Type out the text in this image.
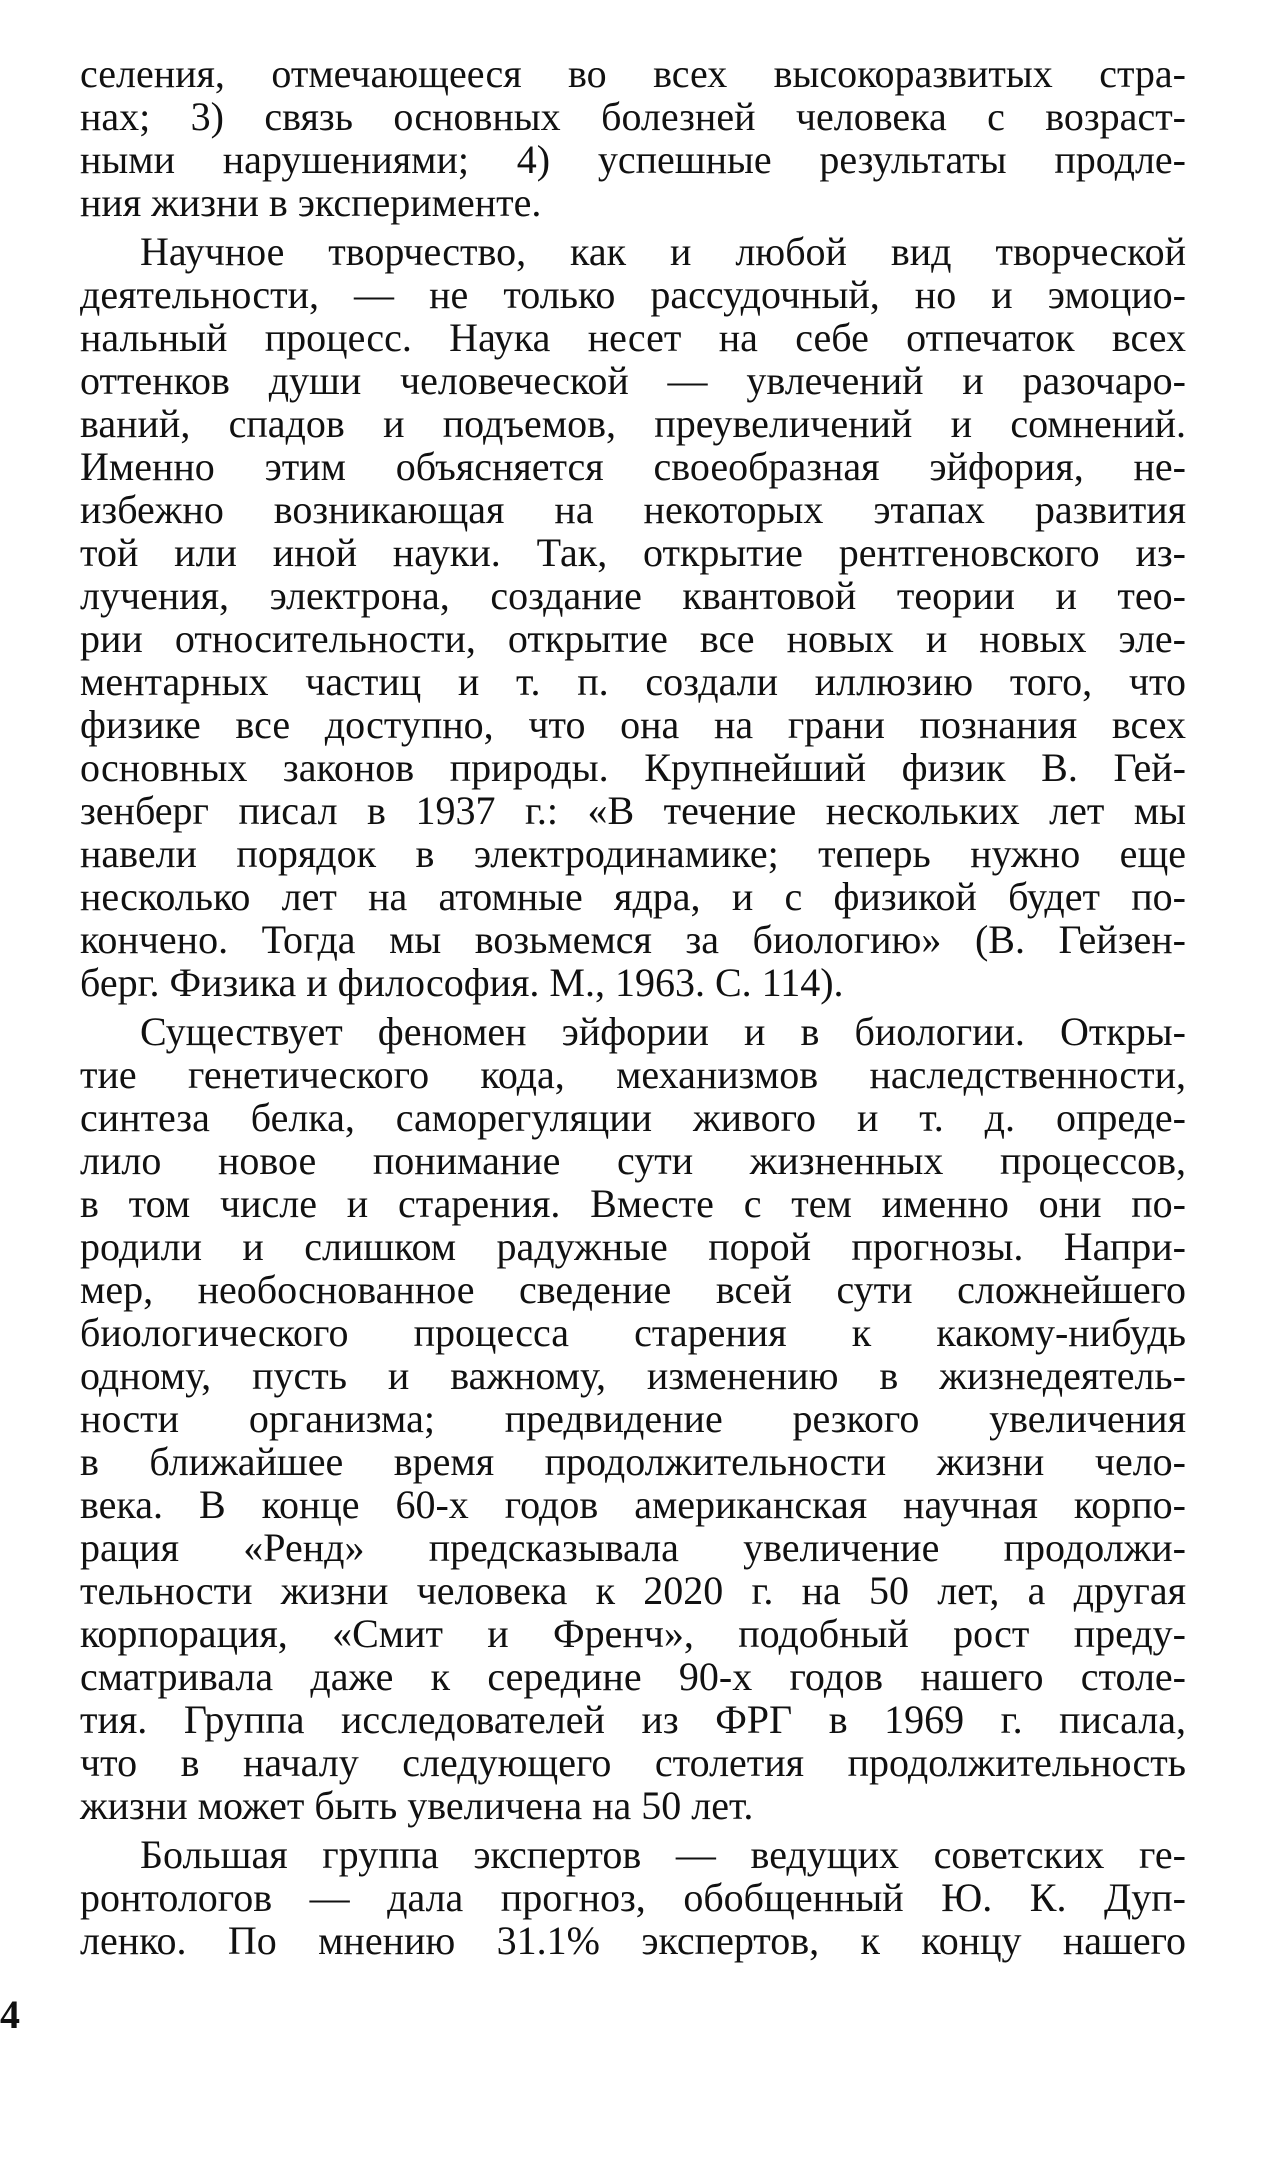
селения, отмечающееся во всех высокоразвитых стра-
нах; 3) связь основных болезней человека с возраст-
ными нарушениями; 4) успешные результаты продле-
ния жизни в эксперименте.
Научное творчество, как и любой вид творческой
деятельности, — не только рассудочный, но и эмоцио-
нальный процесс. Наука несет на себе отпечаток всех
оттенков души человеческой — увлечений и разочаро-
ваний, спадов и подъемов, преувеличений и сомнений.
Именно этим объясняется своеобразная эйфория, не-
избежно возникающая на некоторых этапах развития
той или иной науки. Так, открытие рентгеновского из-
лучения, электрона, создание квантовой теории и тео-
рии относительности, открытие все новых и новых эле-
ментарных частиц и т. п. создали иллюзию того, что
физике все доступно, что она на грани познания всех
основных законов природы. Крупнейший физик В. Гей-
зенберг писал в 1937 г.: «В течение нескольких лет мы
навели порядок в электродинамике; теперь нужно еще
несколько лет на атомные ядра, и с физикой будет по-
кончено. Тогда мы возьмемся за биологию» (В. Гейзен-
берг. Физика и философия. М., 1963. С. 114).
Существует феномен эйфории и в биологии. Откры-
тие генетического кода, механизмов наследственности,
синтеза белка, саморегуляции живого и т. д. опреде-
лило новое понимание сути жизненных процессов,
в том числе и старения. Вместе с тем именно они по-
родили и слишком радужные порой прогнозы. Напри-
мер, необоснованное сведение всей сути сложнейшего
биологического процесса старения к какому-нибудь
одному, пусть и важному, изменению в жизнедеятель-
ности организма; предвидение резкого увеличения
в ближайшее время продолжительности жизни чело-
века. В конце 60-х годов американская научная корпо-
рация «Ренд» предсказывала увеличение продолжи-
тельности жизни человека к 2020 г. на 50 лет, а другая
корпорация, «Смит и Френч», подобный рост преду-
сматривала даже к середине 90-х годов нашего столе-
тия. Группа исследователей из ФРГ в 1969 г. писала,
что в началу следующего столетия продолжительность
жизни может быть увеличена на 50 лет.
Большая группа экспертов — ведущих советских ге-
ронтологов — дала прогноз, обобщенный Ю. К. Дуп-
ленко. По мнению 31.1% экспертов, к концу нашего
4
